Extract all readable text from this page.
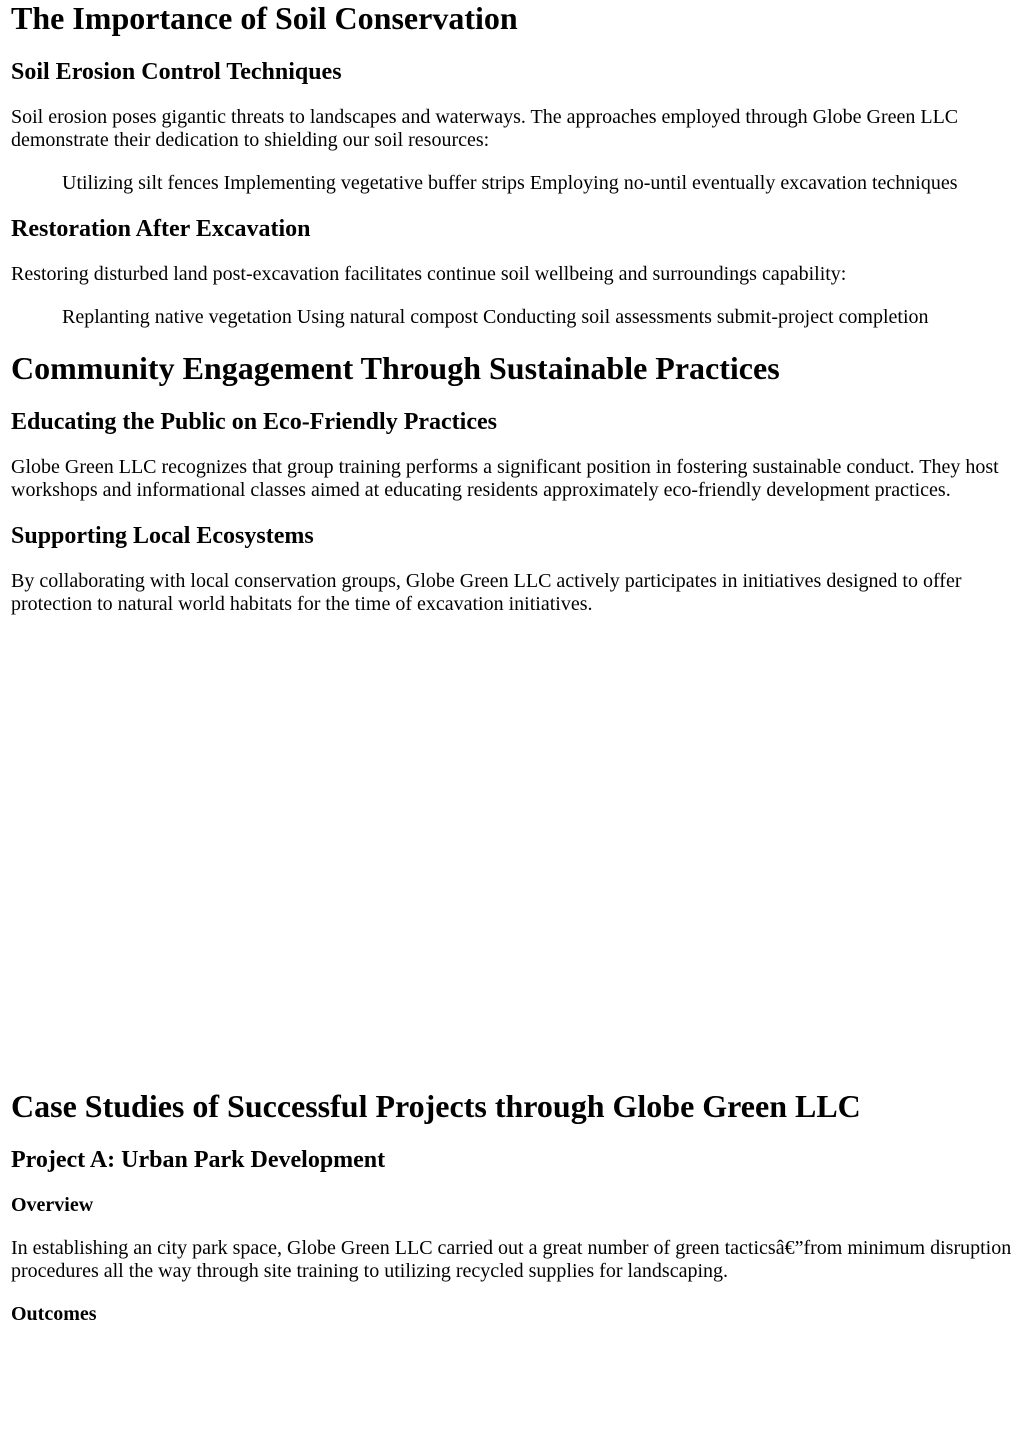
The Importance of Soil Conservation
Soil Erosion Control Techniques

Soil erosion poses gigantic threats to landscapes and waterways. The approaches employed through Globe Green LLC demonstrate their dedication to shielding our soil resources:

Utilizing silt fences Implementing vegetative buffer strips Employing no-until eventually excavation techniques
Restoration After Excavation

Restoring disturbed land post-excavation facilitates continue soil wellbeing and surroundings capability:

Replanting native vegetation Using natural compost Conducting soil assessments submit-project completion
Community Engagement Through Sustainable Practices
Educating the Public on Eco-Friendly Practices

Globe Green LLC recognizes that group training performs a significant position in fostering sustainable conduct. They host workshops and informational classes aimed at educating residents approximately eco-friendly development practices.

Supporting Local Ecosystems

By collaborating with local conservation groups, Globe Green LLC actively participates in initiatives designed to offer protection to natural world habitats for the time of excavation initiatives.

Case Studies of Successful Projects through Globe Green LLC
Project A: Urban Park Development
Overview

In establishing an city park space, Globe Green LLC carried out a great number of green tacticsâ€”from minimum disruption procedures all the way through site training to utilizing recycled supplies for landscaping.

Outcomes
